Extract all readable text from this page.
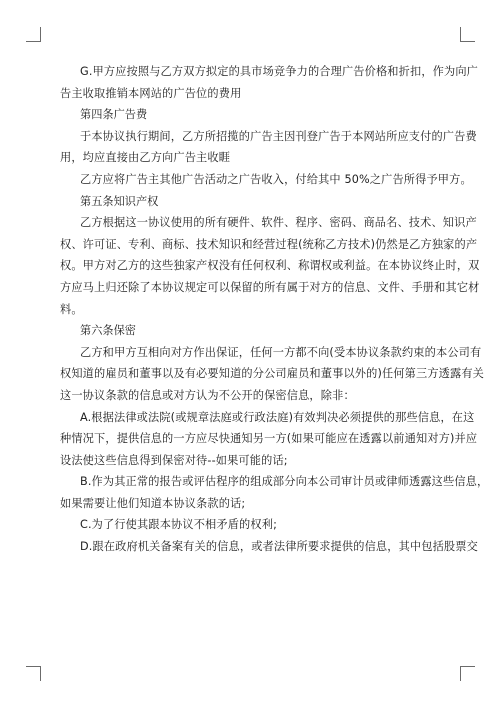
G.甲方应按照与乙方双方拟定的具市场竞争力的合理广告价格和折扣，作为向广
告主收取推销本网站的广告位的费用
第四条广告费
于本协议执行期间，乙方所招揽的广告主因刊登广告于本网站所应支付的广告费
用，均应直接由乙方向广告主收睚
乙方应将广告主其他广告活动之广告收入，付给其中 50%之广告所得予甲方。
第五条知识产权
乙方根据这一协议使用的所有硬件、软件、程序、密码、商品名、技术、知识产
权、许可证、专利、商标、技术知识和经营过程(统称乙方技术)仍然是乙方独家的产
权。甲方对乙方的这些独家产权没有任何权利、称谓权或利益。在本协议终止时，双
方应马上归还除了本协议规定可以保留的所有属于对方的信息、文件、手册和其它材
料。
第六条保密
乙方和甲方互相向对方作出保证，任何一方都不向(受本协议条款约束的本公司有
权知道的雇员和董事以及有必要知道的分公司雇员和董事以外的)任何第三方透露有关
这一协议条款的信息或对方认为不公开的保密信息，除非：
A.根据法律或法院(或规章法庭或行政法庭)有效判决必须提供的那些信息，在这
种情况下，提供信息的一方应尽快通知另一方(如果可能应在透露以前通知对方)并应
设法使这些信息得到保密对待--如果可能的话;
B.作为其正常的报告或评估程序的组成部分向本公司审计员或律师透露这些信息，
如果需要让他们知道本协议条款的话;
C.为了行使其跟本协议不相矛盾的权利;
D.跟在政府机关备案有关的信息，或者法律所要求提供的信息，其中包括股票交
